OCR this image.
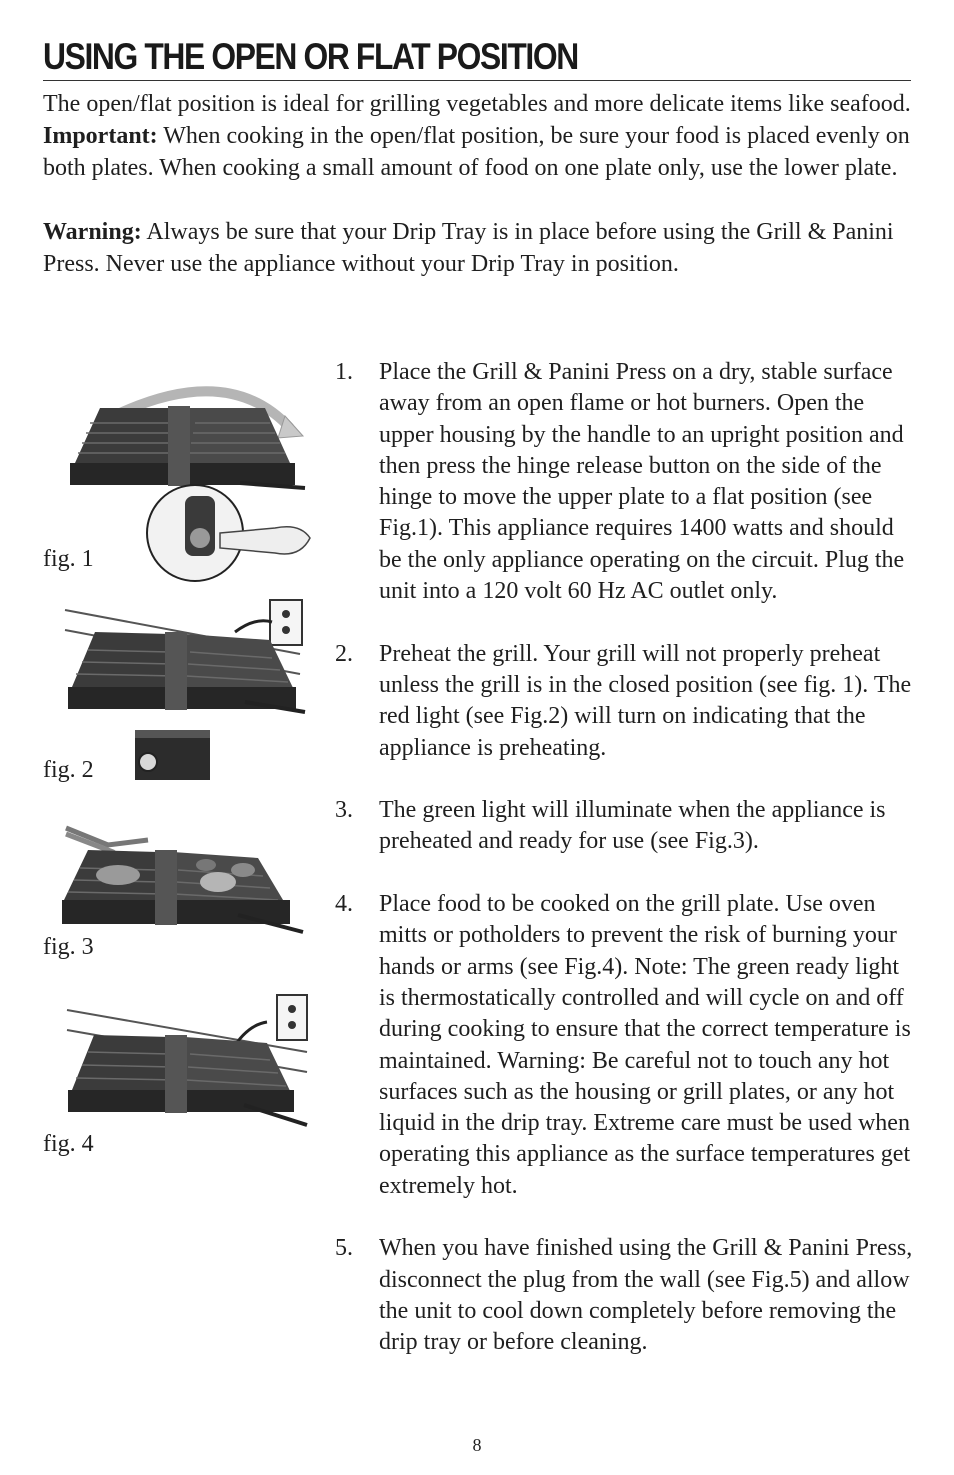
USING THE OPEN OR FLAT POSITION

The open/flat position is ideal for grilling vegetables and more delicate items like seafood.

Important: When cooking in the open/flat position, be sure your food is placed evenly on both plates. When cooking a small amount of food on one plate only, use the lower plate.

Warning: Always be sure that your Drip Tray is in place before using the Grill & Panini Press. Never use the appliance without your Drip Tray in position.

fig. 1
fig. 2
fig. 3
fig. 4
1. Place the Grill & Panini Press on a dry, stable surface away from an open flame or hot burners. Open the upper housing by the handle to an upright position and then press the hinge release button on the side of the hinge to move the upper plate to a flat position (see Fig.1). This appliance requires 1400 watts and should be the only appliance operating on the circuit. Plug the unit into a 120 volt 60 Hz AC outlet only.
2. Preheat the grill. Your grill will not properly preheat unless the grill is in the closed position (see fig. 1). The red light (see Fig.2) will turn on indicating that the appliance is preheating.
3. The green light will illuminate when the appliance is preheated and ready for use (see Fig.3).
4. Place food to be cooked on the grill plate. Use oven mitts or potholders to prevent the risk of burning your hands or arms (see Fig.4). Note: The green ready light is thermostatically controlled and will cycle on and off during cooking to ensure that the correct temperature is maintained. Warning: Be careful not to touch any hot surfaces such as the housing or grill plates, or any hot liquid in the drip tray. Extreme care must be used when operating this appliance as the surface temperatures get extremely hot.
5. When you have finished using the Grill & Panini Press, disconnect the plug from the wall (see Fig.5) and allow the unit to cool down completely before removing the drip tray or before cleaning.
8
